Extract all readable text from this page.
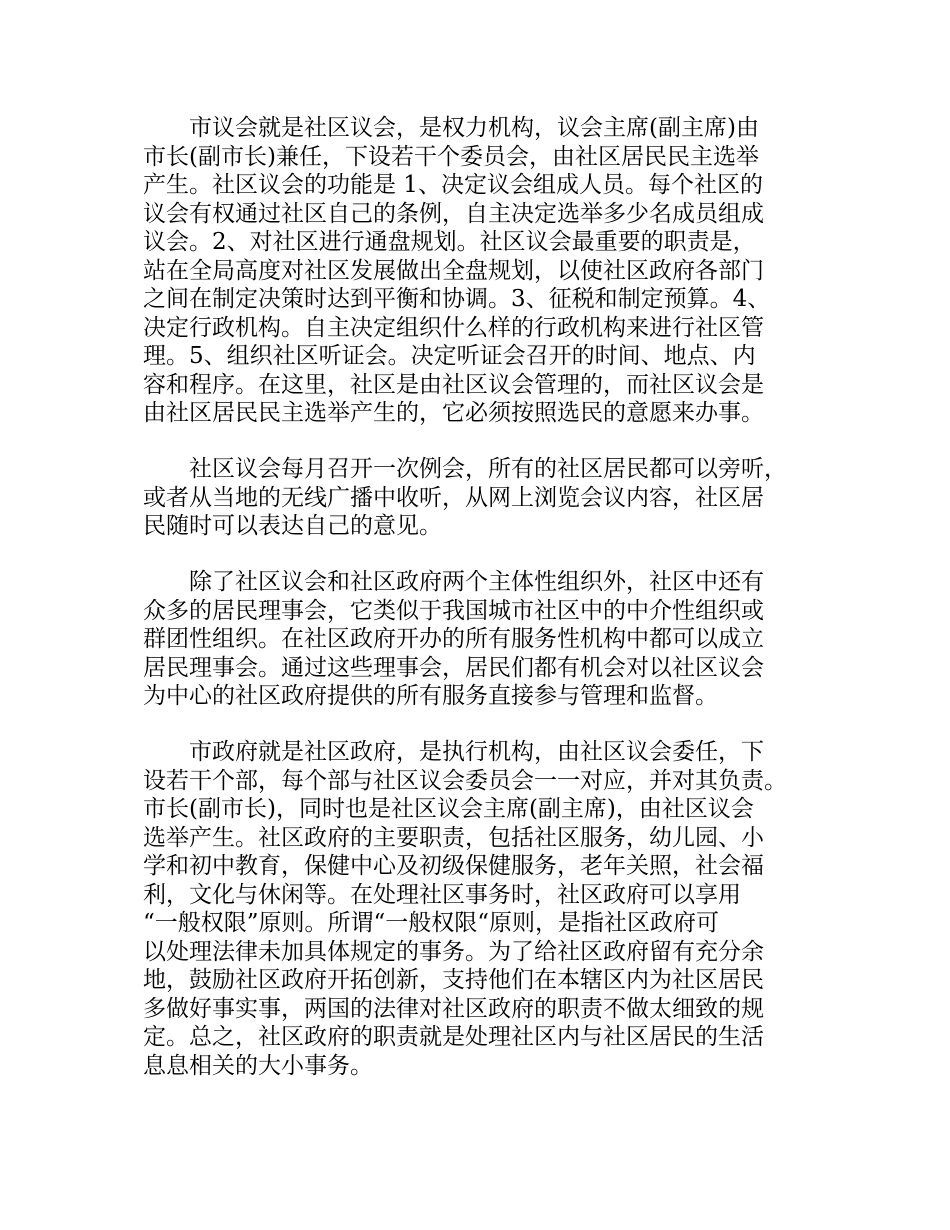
市议会就是社区议会，是权力机构，议会主席(副主席)由
市长(副市长)兼任，下设若干个委员会，由社区居民民主选举
产生。社区议会的功能是 1、决定议会组成人员。每个社区的
议会有权通过社区自己的条例，自主决定选举多少名成员组成
议会。2、对社区进行通盘规划。社区议会最重要的职责是，
站在全局高度对社区发展做出全盘规划，以使社区政府各部门
之间在制定决策时达到平衡和协调。3、征税和制定预算。4、
决定行政机构。自主决定组织什么样的行政机构来进行社区管
理。5、组织社区听证会。决定听证会召开的时间、地点、内
容和程序。在这里，社区是由社区议会管理的，而社区议会是
由社区居民民主选举产生的，它必须按照选民的意愿来办事。
社区议会每月召开一次例会，所有的社区居民都可以旁听，
或者从当地的无线广播中收听，从网上浏览会议内容，社区居
民随时可以表达自己的意见。
除了社区议会和社区政府两个主体性组织外，社区中还有
众多的居民理事会，它类似于我国城市社区中的中介性组织或
群团性组织。在社区政府开办的所有服务性机构中都可以成立
居民理事会。通过这些理事会，居民们都有机会对以社区议会
为中心的社区政府提供的所有服务直接参与管理和监督。
市政府就是社区政府，是执行机构，由社区议会委任，下
设若干个部，每个部与社区议会委员会一一对应，并对其负责。
市长(副市长)，同时也是社区议会主席(副主席)，由社区议会
选举产生。社区政府的主要职责，包括社区服务，幼儿园、小
学和初中教育，保健中心及初级保健服务，老年关照，社会福
利，文化与休闲等。在处理社区事务时，社区政府可以享用
“一般权限”原则。所谓“一般权限“原则，是指社区政府可
以处理法律未加具体规定的事务。为了给社区政府留有充分余
地，鼓励社区政府开拓创新，支持他们在本辖区内为社区居民
多做好事实事，两国的法律对社区政府的职责不做太细致的规
定。总之，社区政府的职责就是处理社区内与社区居民的生活
息息相关的大小事务。
